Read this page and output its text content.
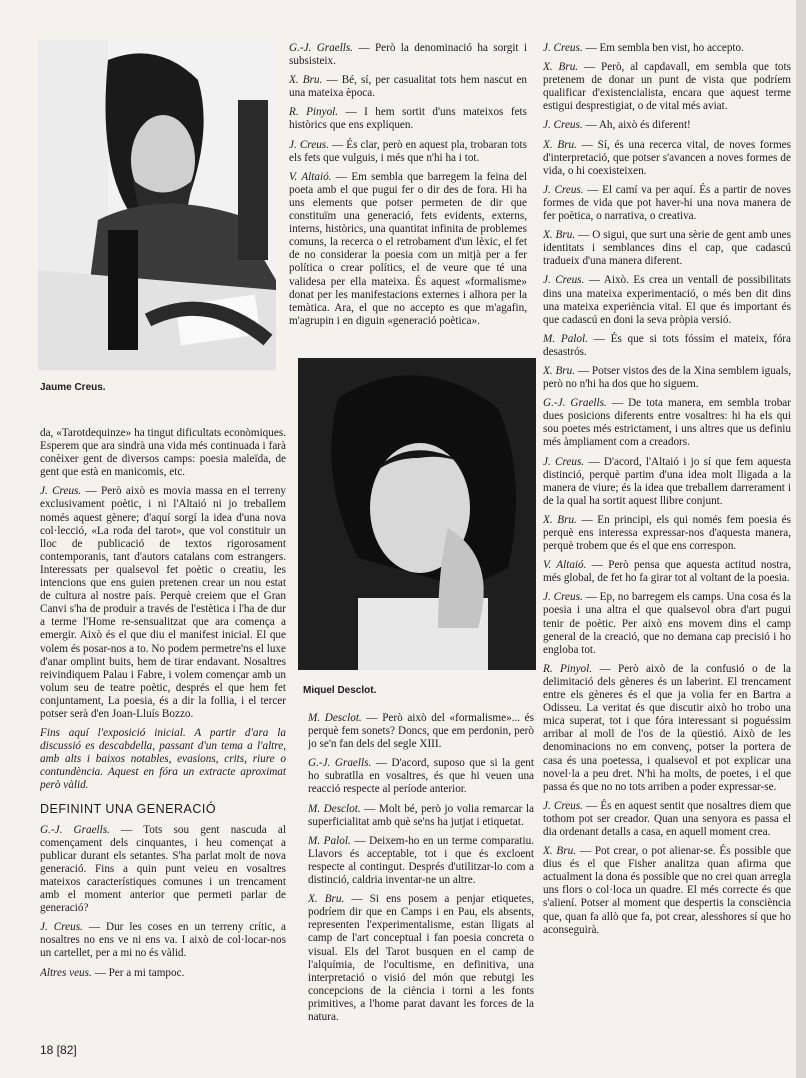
Jaume Creus.
Miquel Desclot.

da, «Tarotdequinze» ha tingut dificultats econòmiques. Esperem que ara sindrà una vida més continuada i farà conèixer gent de diversos camps: poesia maleïda, de gent que està en manicomis, etc.

J. Creus. — Però això es movia massa en el terreny exclusivament poètic, i ni l'Altaió ni jo treballem només aquest gènere; d'aquí sorgí la idea d'una nova col·lecció, «La roda del tarot», que vol constituir un lloc de publicació de textos rigorosament contemporanis, tant d'autors catalans com estrangers. Interessats per qualsevol fet poètic o creatiu, les intencions que ens guien pretenen crear un nou estat de cultura al nostre país. Perquè creiem que el Gran Canvi s'ha de produir a través de l'estètica i l'ha de dur a terme l'Home re-sensualitzat que ara comença a emergir. Això és el que diu el manifest inicial. El que volem és posar-nos a to. No podem permetre'ns el luxe d'anar omplint buits, hem de tirar endavant. Nosaltres reivindiquem Palau i Fabre, i volem començar amb un volum seu de teatre poètic, després el que hem fet conjuntament, La poesia, és a dir la follia, i el tercer potser serà d'en Joan-Lluís Bozzo.

Fins aquí l'exposició inicial. A partir d'ara la discussió es descabdella, passant d'un tema a l'altre, amb alts i baixos notables, evasions, crits, riure o contundència. Aquest en fóra un extracte aproximat però vàlid.

DEFININT UNA GENERACIÓ

G.-J. Graells. — Tots sou gent nascuda al començament dels cinquantes, i heu començat a publicar durant els setantes. S'ha parlat molt de nova generació. Fins a quin punt veieu en vosaltres mateixos característiques comunes i un trencament amb el moment anterior que permeti parlar de generació?

J. Creus. — Dur les coses en un terreny crític, a nosaltres no ens ve ni ens va. I això de col·locar-nos un cartellet, per a mi no és vàlid.

Altres veus. — Per a mi tampoc.

G.-J. Graells. — Però la denominació ha sorgit i subsisteix.

X. Bru. — Bé, sí, per casualitat tots hem nascut en una mateixa època.

R. Pinyol. — I hem sortit d'uns mateixos fets històrics que ens expliquen.

J. Creus. — És clar, però en aquest pla, trobaran tots els fets que vulguis, i més que n'hi ha i tot.

V. Altaió. — Em sembla que barregem la feina del poeta amb el que pugui fer o dir des de fora. Hi ha uns elements que potser permeten de dir que constituïm una generació, fets evidents, externs, interns, històrics, una quantitat infinita de problemes comuns, la recerca o el retrobament d'un lèxic, el fet de no considerar la poesia com un mitjà per a fer política o crear polítics, el de veure que té una validesa per ella mateixa. És aquest «formalisme» donat per les manifestacions externes i alhora per la temàtica. Ara, el que no accepto es que m'agafin, m'agrupin i en diguin «generació poètica».

M. Desclot. — Però això del «formalisme»... és perquè fem sonets? Doncs, que em perdonin, però jo se'n fan dels del segle XIII.

G.-J. Graells. — D'acord, suposo que si la gent ho subratlla en vosaltres, és que hi veuen una reacció respecte al període anterior.

M. Desclot. — Molt bé, però jo volia remarcar la superficialitat amb què se'ns ha jutjat i etiquetat.

M. Palol. — Deixem-ho en un terme comparatiu. Llavors és acceptable, tot i que és excloent respecte al contingut. Després d'utilitzar-lo com a distinció, caldria inventar-ne un altre.

X. Bru. — Si ens posem a penjar etiquetes, podríem dir que en Camps i en Pau, els absents, representen l'experimentalisme, estan lligats al camp de l'art conceptual i fan poesia concreta o visual. Els del Tarot busquen en el camp de l'alquímia, de l'ocultisme, en definitiva, una interpretació o visió del món que rebutgi les concepcions de la ciència i torni a les fonts primitives, a l'home parat davant les forces de la natura.

J. Creus. — Em sembla ben vist, ho accepto.

X. Bru. — Però, al capdavall, em sembla que tots pretenem de donar un punt de vista que podríem qualificar d'existencialista, encara que aquest terme estigui desprestigiat, o de vital més aviat.

J. Creus. — Ah, això és diferent!

X. Bru. — Sí, és una recerca vital, de noves formes d'interpretació, que potser s'avancen a noves formes de vida, o hi coexisteixen.

J. Creus. — El camí va per aquí. És a partir de noves formes de vida que pot haver-hi una nova manera de fer poètica, o narrativa, o creativa.

X. Bru. — O sigui, que surt una sèrie de gent amb unes identitats i semblances dins el cap, que cadascú tradueix d'una manera diferent.

J. Creus. — Això. Es crea un ventall de possibilitats dins una mateixa experimentació, o més ben dit dins una mateixa experiència vital. El que és important és que cadascú en doni la seva pròpia versió.

M. Palol. — És que si tots fóssim el mateix, fóra desastrós.

X. Bru. — Potser vistos des de la Xina semblem iguals, però no n'hi ha dos que ho siguem.

G.-J. Graells. — De tota manera, em sembla trobar dues posicions diferents entre vosaltres: hi ha els qui sou poetes més estrictament, i uns altres que us definiu més àmpliament com a creadors.

J. Creus. — D'acord, l'Altaió i jo sí que fem aquesta distinció, perquè partim d'una idea molt lligada a la manera de viure; és la idea que treballem darrerament i de la qual ha sortit aquest llibre conjunt.

X. Bru. — En principi, els qui només fem poesia és perquè ens interessa expressar-nos d'aquesta manera, perquè trobem que és el que ens correspon.

V. Altaió. — Però pensa que aquesta actitud nostra, més global, de fet ho fa girar tot al voltant de la poesia.

J. Creus. — Ep, no barregem els camps. Una cosa és la poesia i una altra el que qualsevol obra d'art pugui tenir de poètic. Per això ens movem dins el camp general de la creació, que no demana cap precisió i ho engloba tot.

R. Pinyol. — Però això de la confusió o de la delimitació dels gèneres és un laberint. El trencament entre els gèneres és el que ja volia fer en Bartra a Odisseu. La veritat és que discutir això ho trobo una mica superat, tot i que fóra interessant si poguéssim arribar al moll de l'os de la qüestió. Això de les denominacions no em convenç, potser la portera de casa és una poetessa, i qualsevol et pot explicar una novel·la a peu dret. N'hi ha molts, de poetes, i el que passa és que no no tots arriben a poder expressar-se.

J. Creus. — És en aquest sentit que nosaltres diem que tothom pot ser creador. Quan una senyora es passa el dia ordenant detalls a casa, en aquell moment crea.

X. Bru. — Pot crear, o pot alienar-se. És possible que dius és el que Fisher analitza quan afirma que actualment la dona és possible que no crei quan arregla uns flors o col·loca un quadre. El més correcte és que s'aliení. Potser al moment que despertis la consciència que, quan fa allò que fa, pot crear, alesshores sí que ho aconseguirà.

18 [82]
